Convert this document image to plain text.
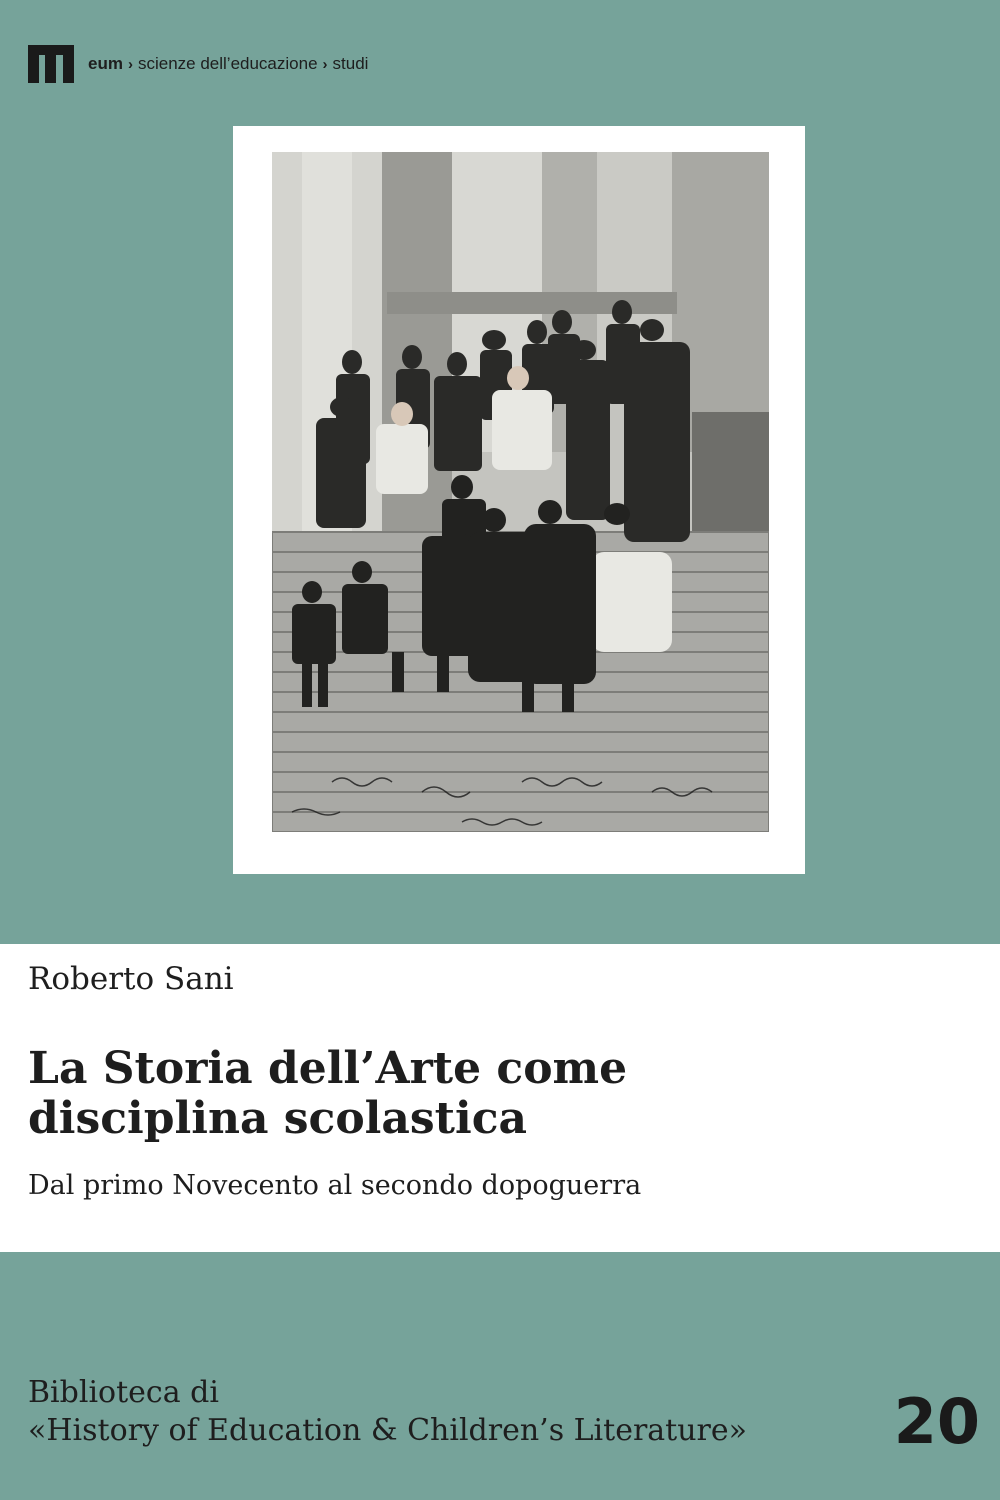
eum › scienze dell’educazione › studi
Roberto Sani
La Storia dell’Arte come
disciplina scolastica
Dal primo Novecento al secondo dopoguerra
Biblioteca di
«History of Education & Children’s Literature» 20
